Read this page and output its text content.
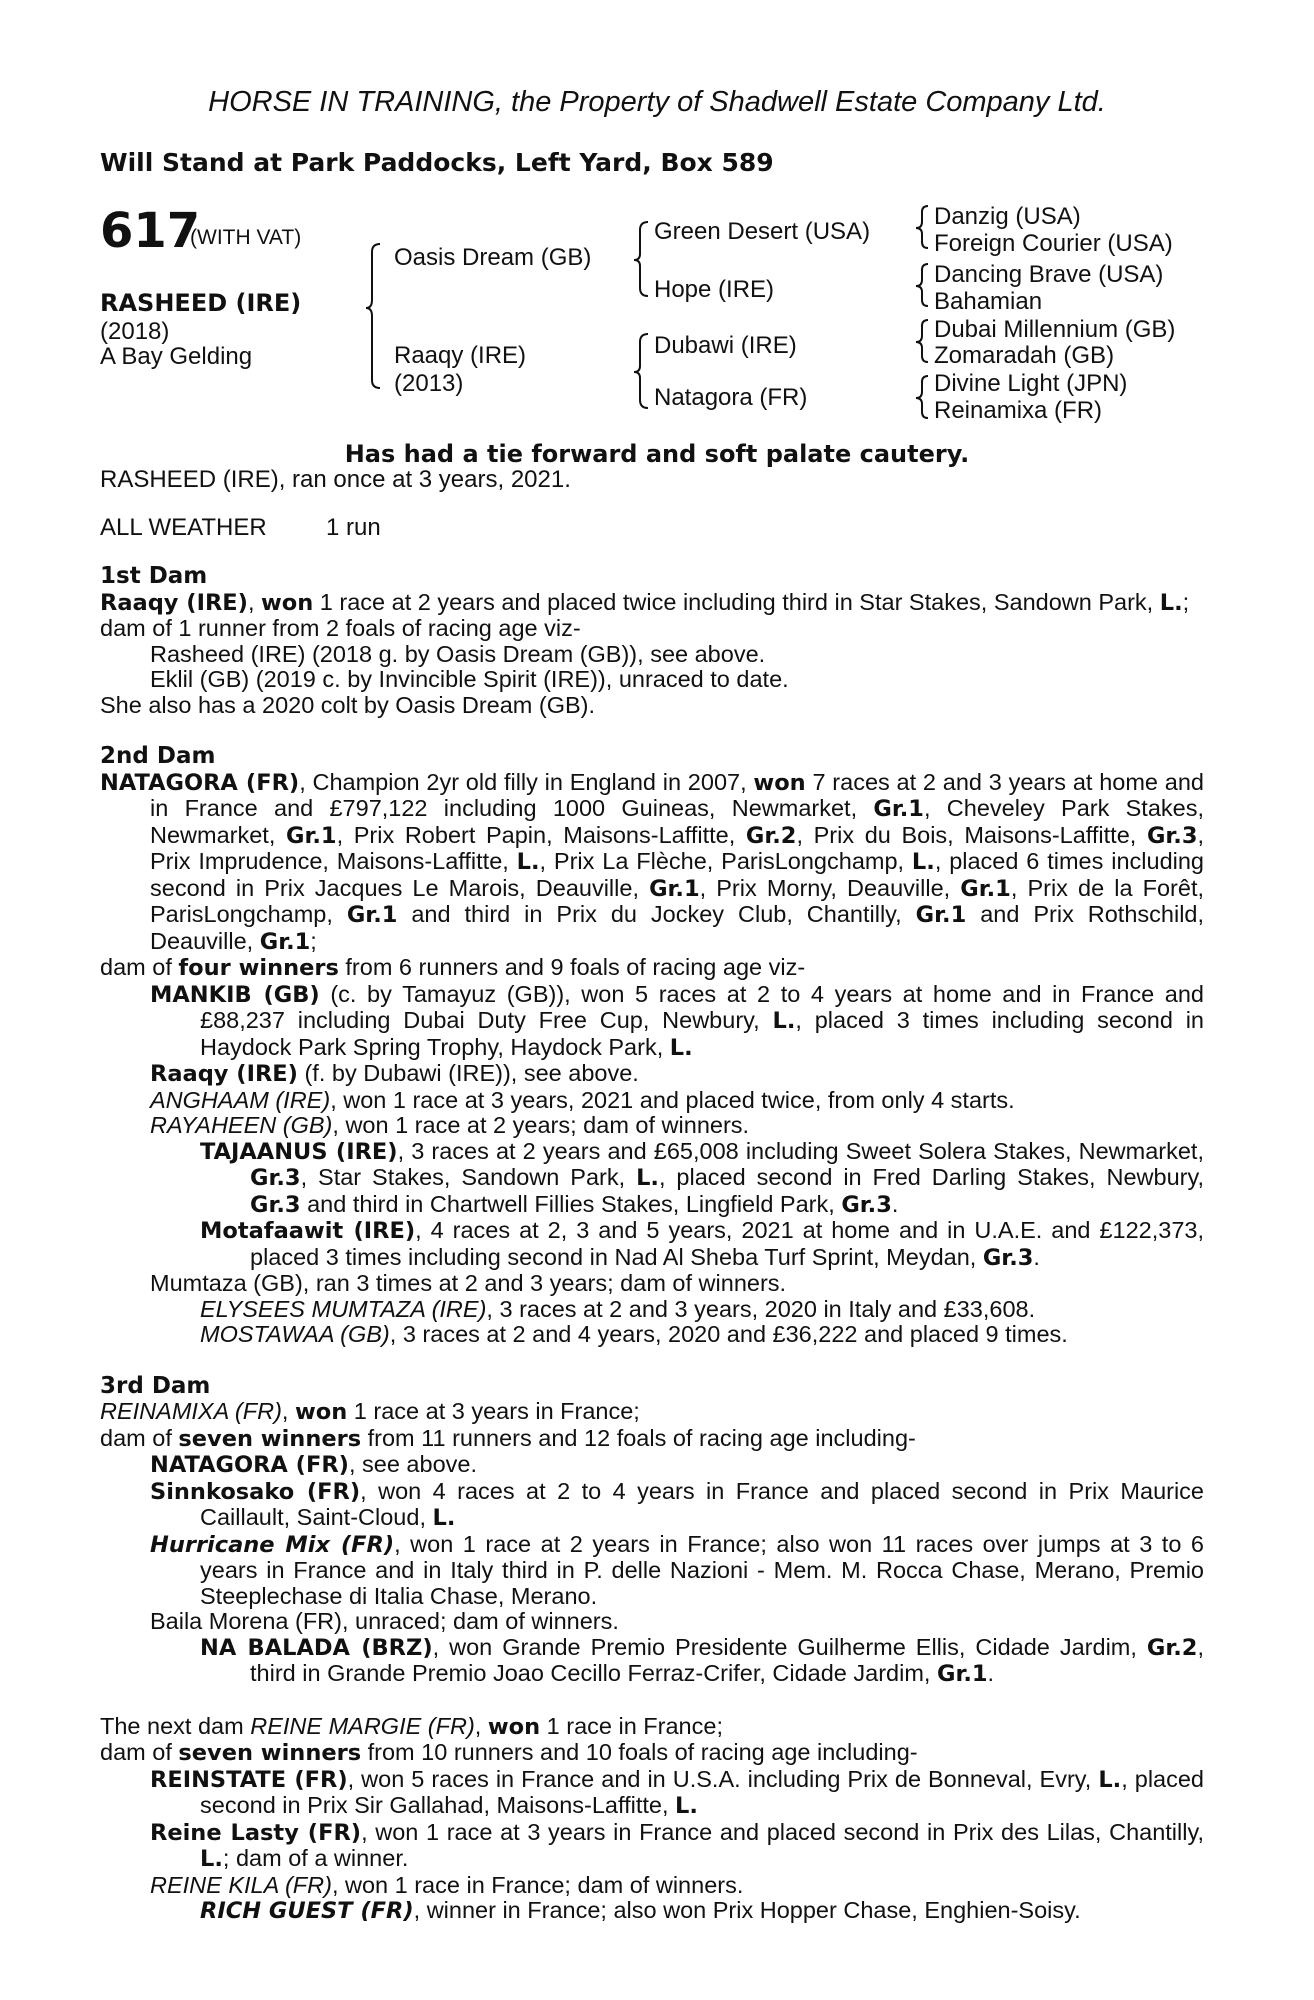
HORSE IN TRAINING, the Property of Shadwell Estate Company Ltd.
Will Stand at Park Paddocks, Left Yard, Box 589
617
(WITH VAT)
RASHEED (IRE)
(2018)
A Bay Gelding
Oasis Dream (GB)
Raaqy (IRE)
(2013)
Green Desert (USA)
Hope (IRE)
Dubawi (IRE)
Natagora (FR)
Danzig (USA)
Foreign Courier (USA)
Dancing Brave (USA)
Bahamian
Dubai Millennium (GB)
Zomaradah (GB)
Divine Light (JPN)
Reinamixa (FR)
Has had a tie forward and soft palate cautery.
RASHEED (IRE), ran once at 3 years, 2021.
ALL WEATHER 1 run

1st Dam

Raaqy (IRE), won 1 race at 2 years and placed twice including third in Star Stakes, Sandown Park, L.;

dam of 1 runner from 2 foals of racing age viz-

Rasheed (IRE) (2018 g. by Oasis Dream (GB)), see above.

Eklil (GB) (2019 c. by Invincible Spirit (IRE)), unraced to date.

She also has a 2020 colt by Oasis Dream (GB).

2nd Dam

NATAGORA (FR), Champion 2yr old filly in England in 2007, won 7 races at 2 and 3 years at home and in France and £797,122 including 1000 Guineas, Newmarket, Gr.1, Cheveley Park Stakes, Newmarket, Gr.1, Prix Robert Papin, Maisons-Laffitte, Gr.2, Prix du Bois, Maisons-Laffitte, Gr.3, Prix Imprudence, Maisons-Laffitte, L., Prix La Flèche, ParisLongchamp, L., placed 6 times including second in Prix Jacques Le Marois, Deauville, Gr.1, Prix Morny, Deauville, Gr.1, Prix de la Forêt, ParisLongchamp, Gr.1 and third in Prix du Jockey Club, Chantilly, Gr.1 and Prix Rothschild, Deauville, Gr.1;

dam of four winners from 6 runners and 9 foals of racing age viz-

MANKIB (GB) (c. by Tamayuz (GB)), won 5 races at 2 to 4 years at home and in France and £88,237 including Dubai Duty Free Cup, Newbury, L., placed 3 times including second in Haydock Park Spring Trophy, Haydock Park, L.

Raaqy (IRE) (f. by Dubawi (IRE)), see above.

ANGHAAM (IRE), won 1 race at 3 years, 2021 and placed twice, from only 4 starts.

RAYAHEEN (GB), won 1 race at 2 years; dam of winners.

TAJAANUS (IRE), 3 races at 2 years and £65,008 including Sweet Solera Stakes, Newmarket, Gr.3, Star Stakes, Sandown Park, L., placed second in Fred Darling Stakes, Newbury, Gr.3 and third in Chartwell Fillies Stakes, Lingfield Park, Gr.3.

Motafaawit (IRE), 4 races at 2, 3 and 5 years, 2021 at home and in U.A.E. and £122,373, placed 3 times including second in Nad Al Sheba Turf Sprint, Meydan, Gr.3.

Mumtaza (GB), ran 3 times at 2 and 3 years; dam of winners.

ELYSEES MUMTAZA (IRE), 3 races at 2 and 3 years, 2020 in Italy and £33,608.

MOSTAWAA (GB), 3 races at 2 and 4 years, 2020 and £36,222 and placed 9 times.

3rd Dam

REINAMIXA (FR), won 1 race at 3 years in France;

dam of seven winners from 11 runners and 12 foals of racing age including-

NATAGORA (FR), see above.

Sinnkosako (FR), won 4 races at 2 to 4 years in France and placed second in Prix Maurice Caillault, Saint-Cloud, L.

Hurricane Mix (FR), won 1 race at 2 years in France; also won 11 races over jumps at 3 to 6 years in France and in Italy third in P. delle Nazioni - Mem. M. Rocca Chase, Merano, Premio Steeplechase di Italia Chase, Merano.

Baila Morena (FR), unraced; dam of winners.

NA BALADA (BRZ), won Grande Premio Presidente Guilherme Ellis, Cidade Jardim, Gr.2, third in Grande Premio Joao Cecillo Ferraz-Crifer, Cidade Jardim, Gr.1.

The next dam REINE MARGIE (FR), won 1 race in France;

dam of seven winners from 10 runners and 10 foals of racing age including-

REINSTATE (FR), won 5 races in France and in U.S.A. including Prix de Bonneval, Evry, L., placed second in Prix Sir Gallahad, Maisons-Laffitte, L.

Reine Lasty (FR), won 1 race at 3 years in France and placed second in Prix des Lilas, Chantilly, L.; dam of a winner.

REINE KILA (FR), won 1 race in France; dam of winners.

RICH GUEST (FR), winner in France; also won Prix Hopper Chase, Enghien-Soisy.
